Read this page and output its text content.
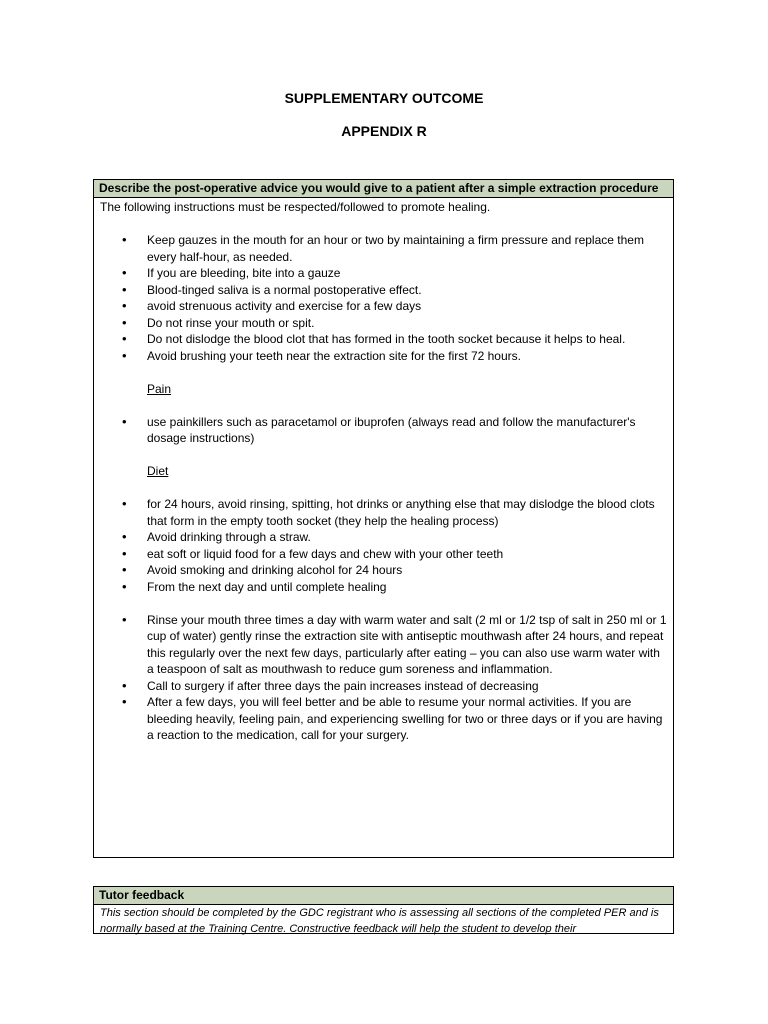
SUPPLEMENTARY OUTCOME
APPENDIX R
Describe the post-operative advice you would give to a patient after a simple extraction procedure

The following instructions must be respected/followed to promote healing.

• Keep gauzes in the mouth for an hour or two by maintaining a firm pressure and replace them every half-hour, as needed.
• If you are bleeding, bite into a gauze
• Blood-tinged saliva is a normal postoperative effect.
• avoid strenuous activity and exercise for a few days
• Do not rinse your mouth or spit.
• Do not dislodge the blood clot that has formed in the tooth socket because it helps to heal.
• Avoid brushing your teeth near the extraction site for the first 72 hours.

Pain

• use painkillers such as paracetamol or ibuprofen (always read and follow the manufacturer's dosage instructions)

Diet

• for 24 hours, avoid rinsing, spitting, hot drinks or anything else that may dislodge the blood clots that form in the empty tooth socket (they help the healing process)
• Avoid drinking through a straw.
• eat soft or liquid food for a few days and chew with your other teeth
• Avoid smoking and drinking alcohol for 24 hours
• From the next day and until complete healing
• Rinse your mouth three times a day with warm water and salt (2 ml or 1/2 tsp of salt in 250 ml or 1 cup of water) gently rinse the extraction site with antiseptic mouthwash after 24 hours, and repeat this regularly over the next few days, particularly after eating – you can also use warm water with a teaspoon of salt as mouthwash to reduce gum soreness and inflammation.
• Call to surgery if after three days the pain increases instead of decreasing
• After a few days, you will feel better and be able to resume your normal activities. If you are bleeding heavily, feeling pain, and experiencing swelling for two or three days or if you are having a reaction to the medication, call for your surgery.
Tutor feedback
This section should be completed by the GDC registrant who is assessing all sections of the completed PER and is normally based at the Training Centre. Constructive feedback will help the student to develop their
